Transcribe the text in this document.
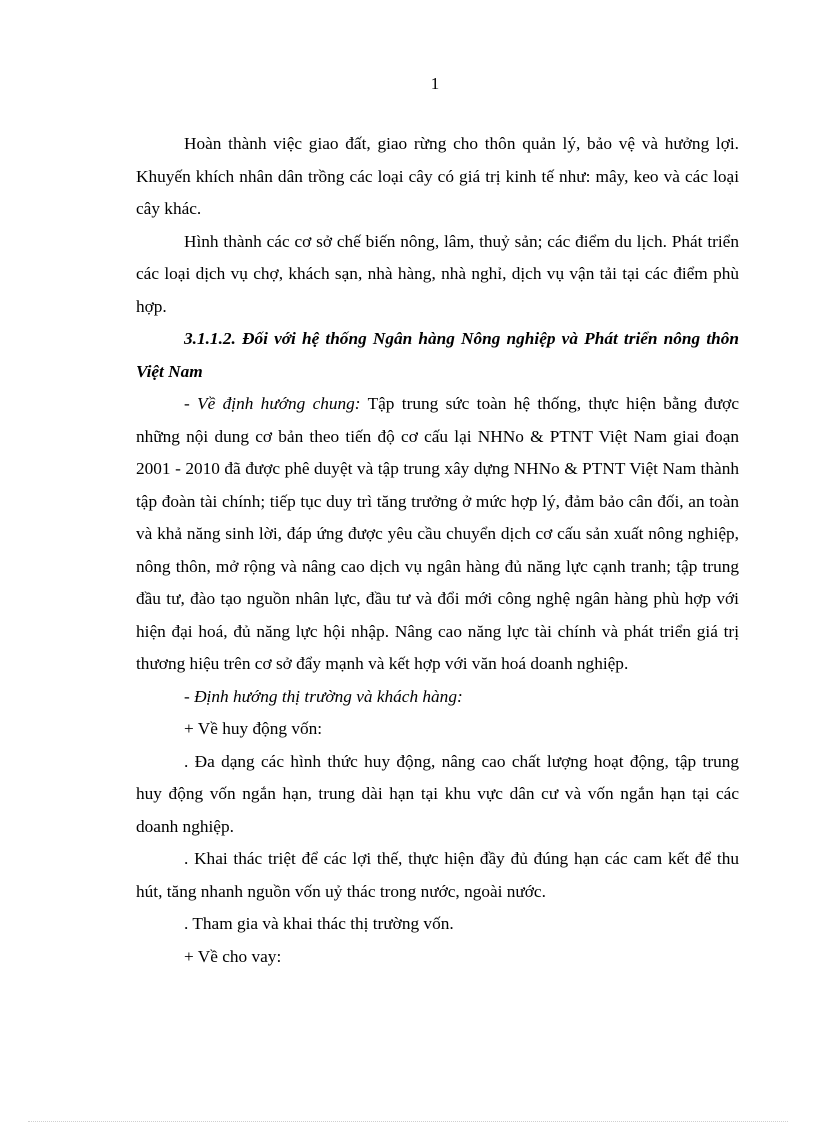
1

Hoàn thành việc giao đất, giao rừng cho thôn quản lý, bảo vệ và hưởng lợi. Khuyến khích nhân dân trồng các loại cây có giá trị kinh tế như: mây, keo và các loại cây khác.

Hình thành các cơ sở chế biến nông, lâm, thuỷ sản; các điểm du lịch. Phát triển các loại dịch vụ chợ, khách sạn, nhà hàng, nhà nghỉ, dịch vụ vận tải tại các điểm phù hợp.

3.1.1.2. Đối với hệ thống Ngân hàng Nông nghiệp và Phát triển nông thôn Việt Nam

- Về định hướng chung: Tập trung sức toàn hệ thống, thực hiện bằng được những nội dung cơ bản theo tiến độ cơ cấu lại NHNo & PTNT Việt Nam giai đoạn 2001 - 2010 đã được phê duyệt và tập trung xây dựng NHNo & PTNT Việt Nam thành tập đoàn tài chính; tiếp tục duy trì tăng trưởng ở mức hợp lý, đảm bảo cân đối, an toàn và khả năng sinh lời, đáp ứng được yêu cầu chuyển dịch cơ cấu sản xuất nông nghiệp, nông thôn, mở rộng và nâng cao dịch vụ ngân hàng đủ năng lực cạnh tranh; tập trung đầu tư, đào tạo nguồn nhân lực, đầu tư và đổi mới công nghệ ngân hàng phù hợp với hiện đại hoá, đủ năng lực hội nhập. Nâng cao năng lực tài chính và phát triển giá trị thương hiệu trên cơ sở đẩy mạnh và kết hợp với văn hoá doanh nghiệp.

- Định hướng thị trường và khách hàng:

+ Về huy động vốn:

. Đa dạng các hình thức huy động, nâng cao chất lượng hoạt động, tập trung huy động vốn ngắn hạn, trung dài hạn tại khu vực dân cư và vốn ngắn hạn tại các doanh nghiệp.

. Khai thác triệt để các lợi thế, thực hiện đầy đủ đúng hạn các cam kết để thu hút, tăng nhanh nguồn vốn uỷ thác trong nước, ngoài nước.

. Tham gia và khai thác thị trường vốn.

+ Về cho vay:
